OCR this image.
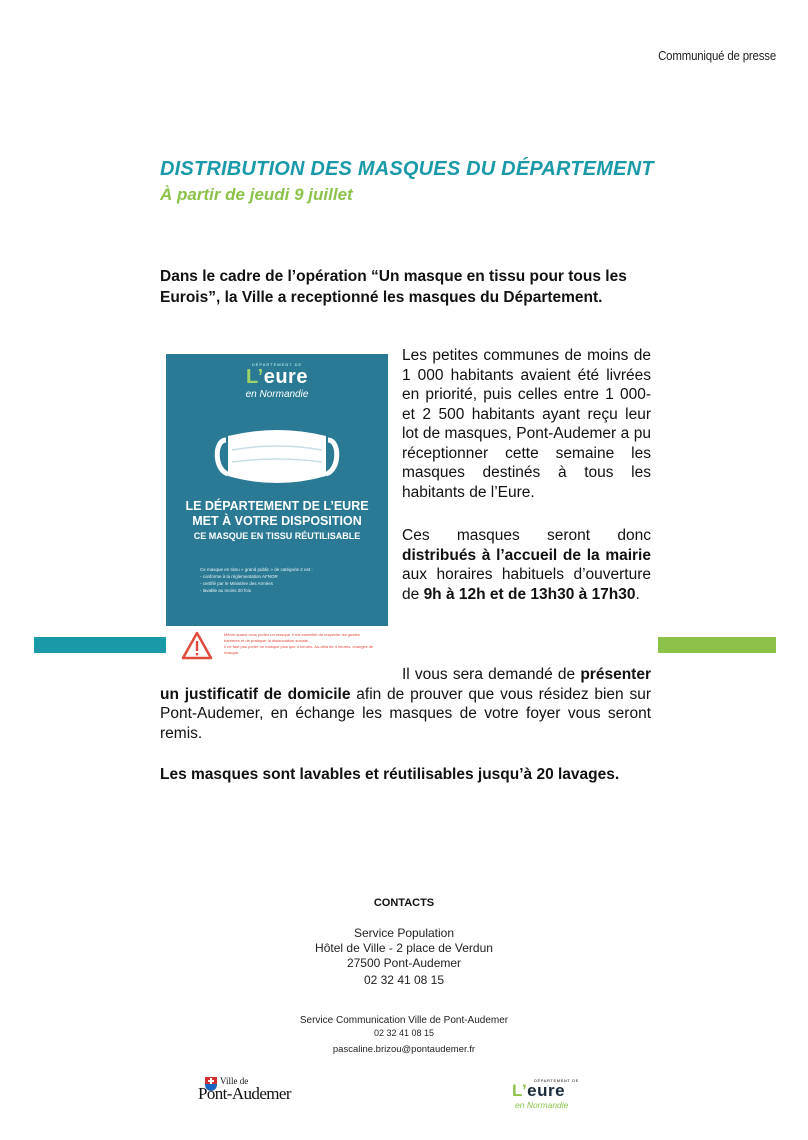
Communiqué de presse
DISTRIBUTION DES MASQUES DU DÉPARTEMENT
À partir de jeudi 9 juillet
Dans le cadre de l’opération “Un masque en tissu pour tous les Eurois”, la Ville a receptionné les masques du Département.
DÉPARTEMENT DE
L’eure
en Normandie
LE DÉPARTEMENT DE L’EURE
MET À VOTRE DISPOSITION
CE MASQUE EN TISSU RÉUTILISABLE
Ce masque en tissu « grand public » de catégorie 2 est :
- conforme à la réglementation AFNOR
- certifié par le Ministère des Armées
- lavable au moins 20 fois
Même quand vous portez un masque, il est essentiel de respecter les gestes barrières et de pratiquer la distanciation sociale.
Il ne faut pas porter un masque plus que 4 heures. Au-delà de 4 heures, changez de masque.
Les petites communes de moins de 1 000 habitants avaient été livrées en priorité, puis celles entre 1 000- et 2 500 habitants ayant reçu leur lot de masques, Pont-Audemer a pu réceptionner cette semaine les masques destinés à tous les habitants de l’Eure.
Ces masques seront donc distribués à l’accueil de la mairie aux horaires habituels d’ouverture de 9h à 12h et de 13h30 à 17h30.
Il vous sera demandé de présenter un justificatif de domicile afin de prouver que vous résidez bien sur Pont-Audemer, en échange les masques de votre foyer vous seront remis.
Les masques sont lavables et réutilisables jusqu’à 20 lavages.
CONTACTS
Service Population
Hôtel de Ville - 2 place de Verdun
27500 Pont-Audemer
02 32 41 08 15
Service Communication Ville de Pont-Audemer
02 32 41 08 15
pascaline.brizou@pontaudemer.fr
Ville de
Pont-Audemer
DÉPARTEMENT DE
L’eure
en Normandie
